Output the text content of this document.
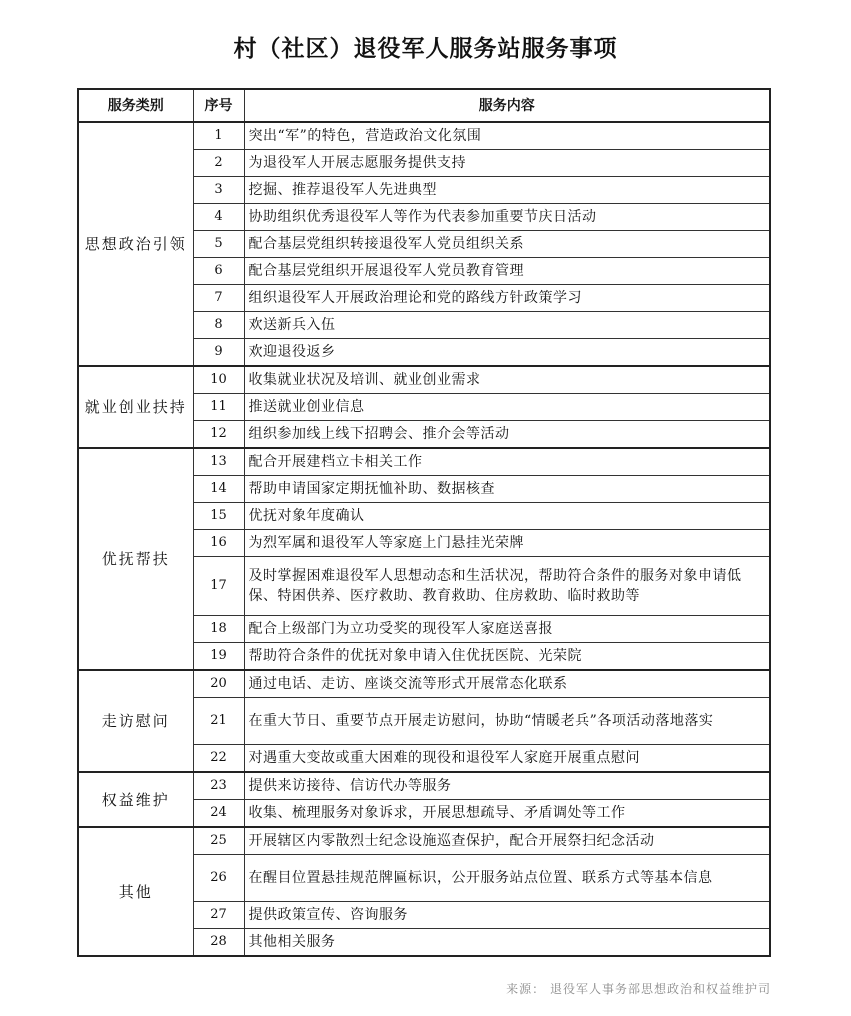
村（社区）退役军人服务站服务事项
服务类别	序号	服务内容
思想政治引领	1	突出“军”的特色，营造政治文化氛围
	2	为退役军人开展志愿服务提供支持
	3	挖掘、推荐退役军人先进典型
	4	协助组织优秀退役军人等作为代表参加重要节庆日活动
	5	配合基层党组织转接退役军人党员组织关系
	6	配合基层党组织开展退役军人党员教育管理
	7	组织退役军人开展政治理论和党的路线方针政策学习
	8	欢送新兵入伍
	9	欢迎退役返乡
就业创业扶持	10	收集就业状况及培训、就业创业需求
	11	推送就业创业信息
	12	组织参加线上线下招聘会、推介会等活动
优抚帮扶	13	配合开展建档立卡相关工作
	14	帮助申请国家定期抚恤补助、数据核查
	15	优抚对象年度确认
	16	为烈军属和退役军人等家庭上门悬挂光荣牌
	17	及时掌握困难退役军人思想动态和生活状况，帮助符合条件的服务对象申请低保、特困供养、医疗救助、教育救助、住房救助、临时救助等
	18	配合上级部门为立功受奖的现役军人家庭送喜报
	19	帮助符合条件的优抚对象申请入住优抚医院、光荣院
走访慰问	20	通过电话、走访、座谈交流等形式开展常态化联系
	21	在重大节日、重要节点开展走访慰问，协助“情暖老兵”各项活动落地落实
	22	对遇重大变故或重大困难的现役和退役军人家庭开展重点慰问
权益维护	23	提供来访接待、信访代办等服务
	24	收集、梳理服务对象诉求，开展思想疏导、矛盾调处等工作
其他	25	开展辖区内零散烈士纪念设施巡查保护，配合开展祭扫纪念活动
	26	在醒目位置悬挂规范牌匾标识，公开服务站点位置、联系方式等基本信息
	27	提供政策宣传、咨询服务
	28	其他相关服务
来源： 退役军人事务部思想政治和权益维护司
